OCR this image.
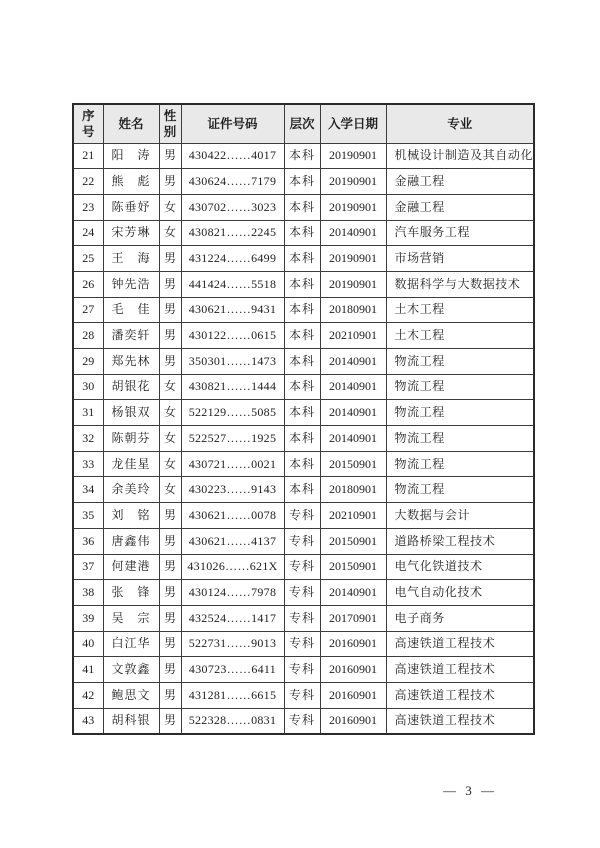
序号	姓名	性别	证件号码	层次	入学日期	专业
21	阳　涛	男	430422……4017	本科	20190901	机械设计制造及其自动化
22	熊　彪	男	430624……7179	本科	20190901	金融工程
23	陈垂妤	女	430702……3023	本科	20190901	金融工程
24	宋芳琳	女	430821……2245	本科	20140901	汽车服务工程
25	王　海	男	431224……6499	本科	20190901	市场营销
26	钟先浩	男	441424……5518	本科	20190901	数据科学与大数据技术
27	毛　佳	男	430621……9431	本科	20180901	土木工程
28	潘奕轩	男	430122……0615	本科	20210901	土木工程
29	郑先林	男	350301……1473	本科	20140901	物流工程
30	胡银花	女	430821……1444	本科	20140901	物流工程
31	杨银双	女	522129……5085	本科	20140901	物流工程
32	陈朝芬	女	522527……1925	本科	20140901	物流工程
33	龙佳星	女	430721……0021	本科	20150901	物流工程
34	余美玲	女	430223……9143	本科	20180901	物流工程
35	刘　铭	男	430621……0078	专科	20210901	大数据与会计
36	唐鑫伟	男	430621……4137	专科	20150901	道路桥梁工程技术
37	何建港	男	431026……621X	专科	20150901	电气化铁道技术
38	张　锋	男	430124……7978	专科	20140901	电气自动化技术
39	吴　宗	男	432524……1417	专科	20170901	电子商务
40	白江华	男	522731……9013	专科	20160901	高速铁道工程技术
41	文敦鑫	男	430723……6411	专科	20160901	高速铁道工程技术
42	鲍思文	男	431281……6615	专科	20160901	高速铁道工程技术
43	胡科银	男	522328……0831	专科	20160901	高速铁道工程技术
— 3 —
